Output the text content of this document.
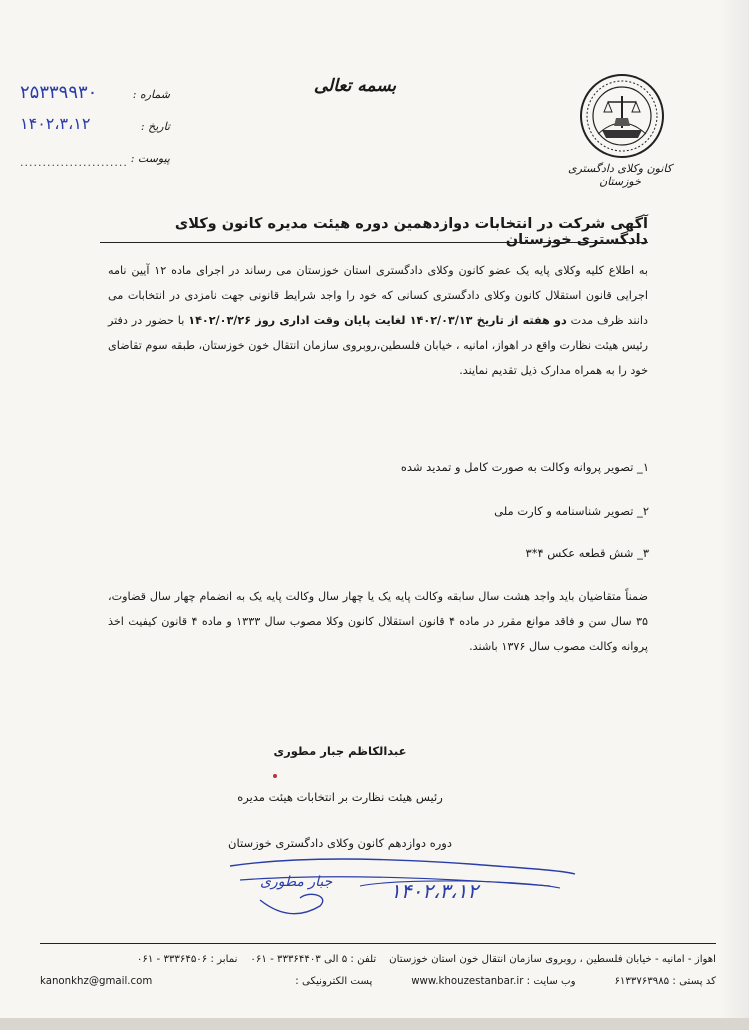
کانون وکلای دادگستری خوزستان
بسمه تعالی
شماره :
۲۵۳۳۹۹۳۰
تاریخ :
۱۴۰۲،۳،۱۲
پیوست :
........................
آگهی شرکت در انتخابات دوازدهمین دوره هیئت مدیره کانون وکلای دادگستری خوزستان
به اطلاع کلیه وکلای پایه یک عضو کانون وکلای دادگستری استان خوزستان می رساند در اجرای ماده ۱۲ آیین نامه اجرایی قانون استقلال کانون وکلای دادگستری کسانی که خود را واجد شرایط قانونی جهت نامزدی در انتخابات می دانند ظرف مدت دو هفته از تاریخ ۱۴۰۲/۰۳/۱۳ لغایت پایان وقت اداری روز ۱۴۰۲/۰۳/۲۶ با حضور در دفتر رئیس هیئت نظارت واقع در اهواز، امانیه ، خیابان فلسطین،روبروی سازمان انتقال خون خوزستان، طبقه سوم تقاضای خود را به همراه مدارک ذیل تقدیم نمایند.
۱_ تصویر پروانه وکالت به صورت کامل و تمدید شده
۲_ تصویر شناسنامه و کارت ملی
۳_ شش قطعه عکس ۴*۳
ضمناً متقاضیان باید واجد هشت سال سابقه وکالت پایه یک یا چهار سال وکالت پایه یک به انضمام چهار سال قضاوت، ۳۵ سال سن و فاقد موانع مقرر در ماده ۴ قانون استقلال کانون وکلا مصوب سال ۱۳۳۳ و ماده ۴ قانون کیفیت اخذ پروانه وکالت مصوب سال ۱۳۷۶ باشند.
عبدالکاظم جبار مطوری
رئیس هیئت نظارت بر انتخابات هیئت مدیره
دوره دوازدهم کانون وکلای دادگستری خوزستان
۱۴۰۲،۳،۱۲
جبار مطوری
اهواز - امانیه - خیابان فلسطین ، روبروی سازمان انتقال خون استان خوزستان    تلفن : ۵ الی ۳۳۳۶۴۴۰۳ - ۰۶۱    نمابر : ۳۳۳۶۴۵۰۶ - ۰۶۱
کد پستی : ۶۱۳۳۷۶۳۹۸۵            وب سایت : www.khouzestanbar.ir            پست الکترونیکی :
kanonkhz@gmail.com
